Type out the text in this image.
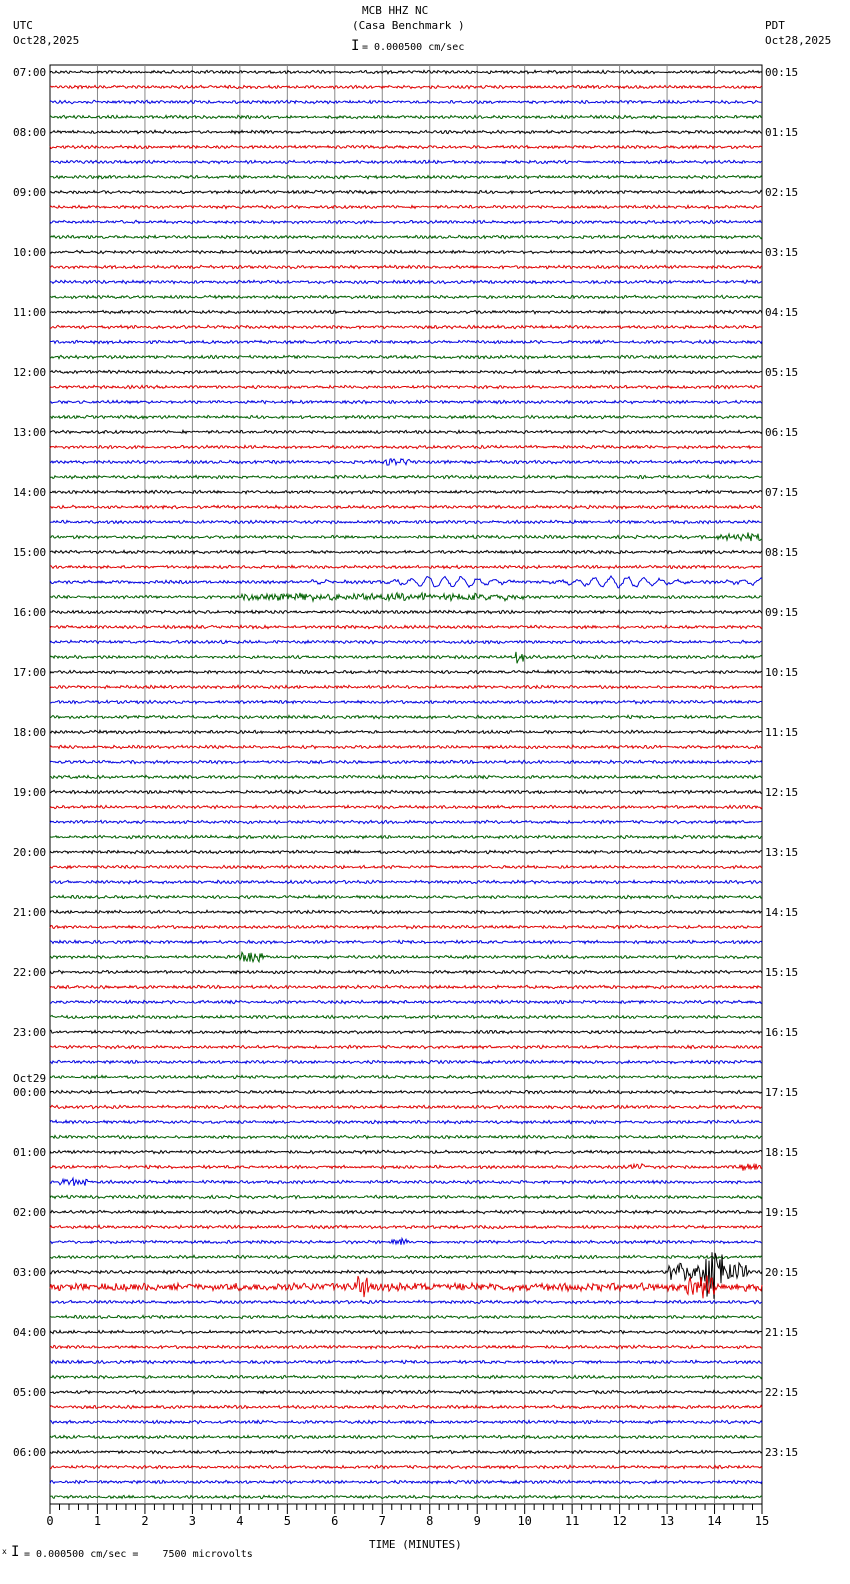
MCB HHZ NC
(Casa Benchmark )
UTC
Oct28,2025
PDT
Oct28,2025
I = 0.000500 cm/sec
07:00	00:15
08:00	01:15
09:00	02:15
10:00	03:15
11:00	04:15
12:00	05:15
13:00	06:15
14:00	07:15
15:00	08:15
16:00	09:15
17:00	10:15
18:00	11:15
19:00	12:15
20:00	13:15
21:00	14:15
22:00	15:15
23:00	16:15
00:00	17:15
Oct29
01:00	18:15
02:00	19:15
03:00	20:15
04:00	21:15
05:00	22:15
06:00	23:15
0	1	2	3	4	5	6	7	8	9	10	11	12	13	14	15
TIME (MINUTES)
x I = 0.000500 cm/sec =    7500 microvolts
